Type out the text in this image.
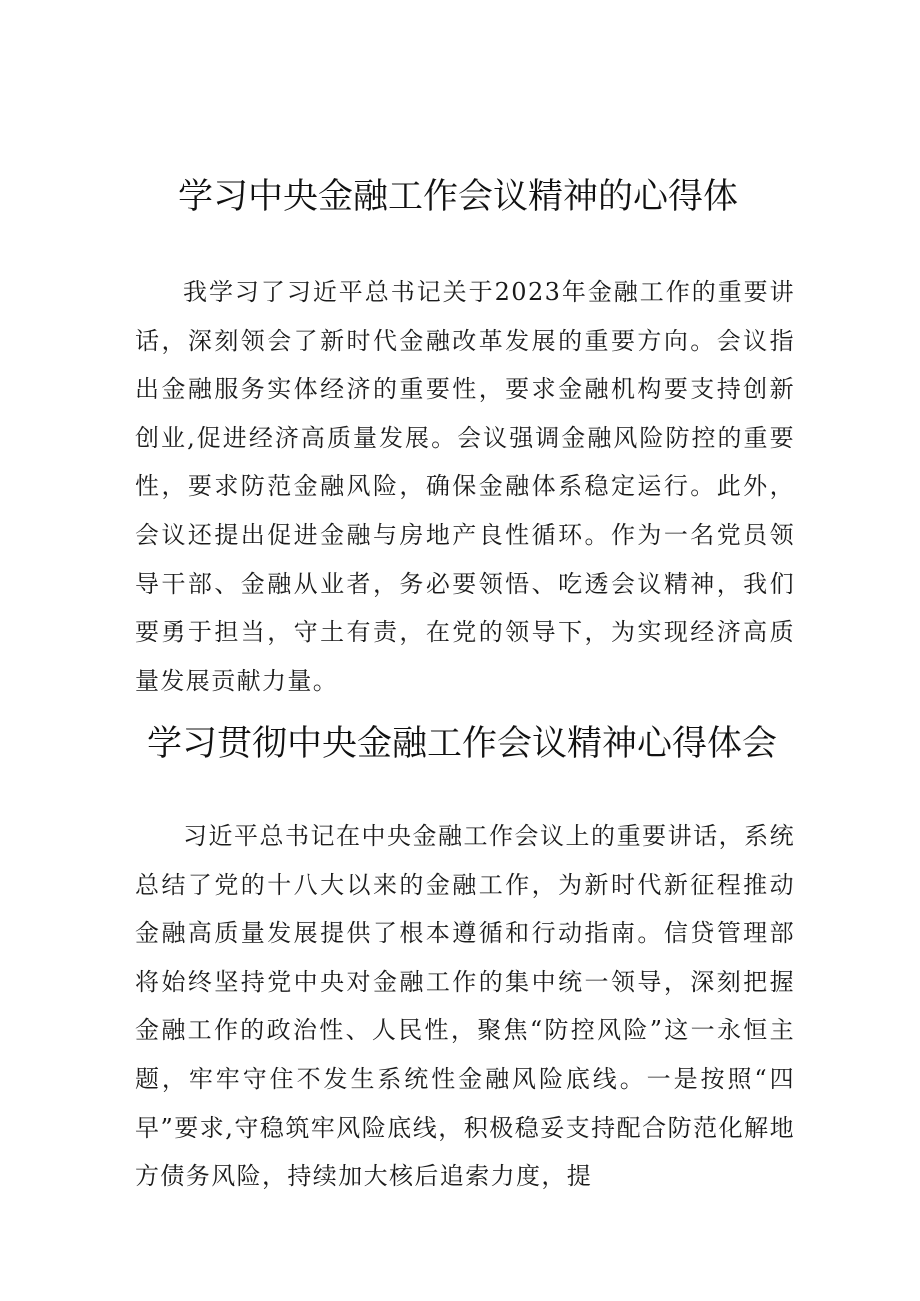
学习中央金融工作会议精神的心得体
我学习了习近平总书记关于2023年金融工作的重要讲话，深刻领会了新时代金融改革发展的重要方向。会议指出金融服务实体经济的重要性，要求金融机构要支持创新创业,促进经济高质量发展。会议强调金融风险防控的重要性，要求防范金融风险，确保金融体系稳定运行。此外，会议还提出促进金融与房地产良性循环。作为一名党员领导干部、金融从业者，务必要领悟、吃透会议精神，我们要勇于担当，守土有责，在党的领导下，为实现经济高质量发展贡献力量。
学习贯彻中央金融工作会议精神心得体会
习近平总书记在中央金融工作会议上的重要讲话，系统总结了党的十八大以来的金融工作，为新时代新征程推动金融高质量发展提供了根本遵循和行动指南。信贷管理部将始终坚持党中央对金融工作的集中统一领导，深刻把握金融工作的政治性、人民性，聚焦“防控风险”这一永恒主题，牢牢守住不发生系统性金融风险底线。一是按照“四早”要求,守稳筑牢风险底线，积极稳妥支持配合防范化解地方债务风险，持续加大核后追索力度，提
